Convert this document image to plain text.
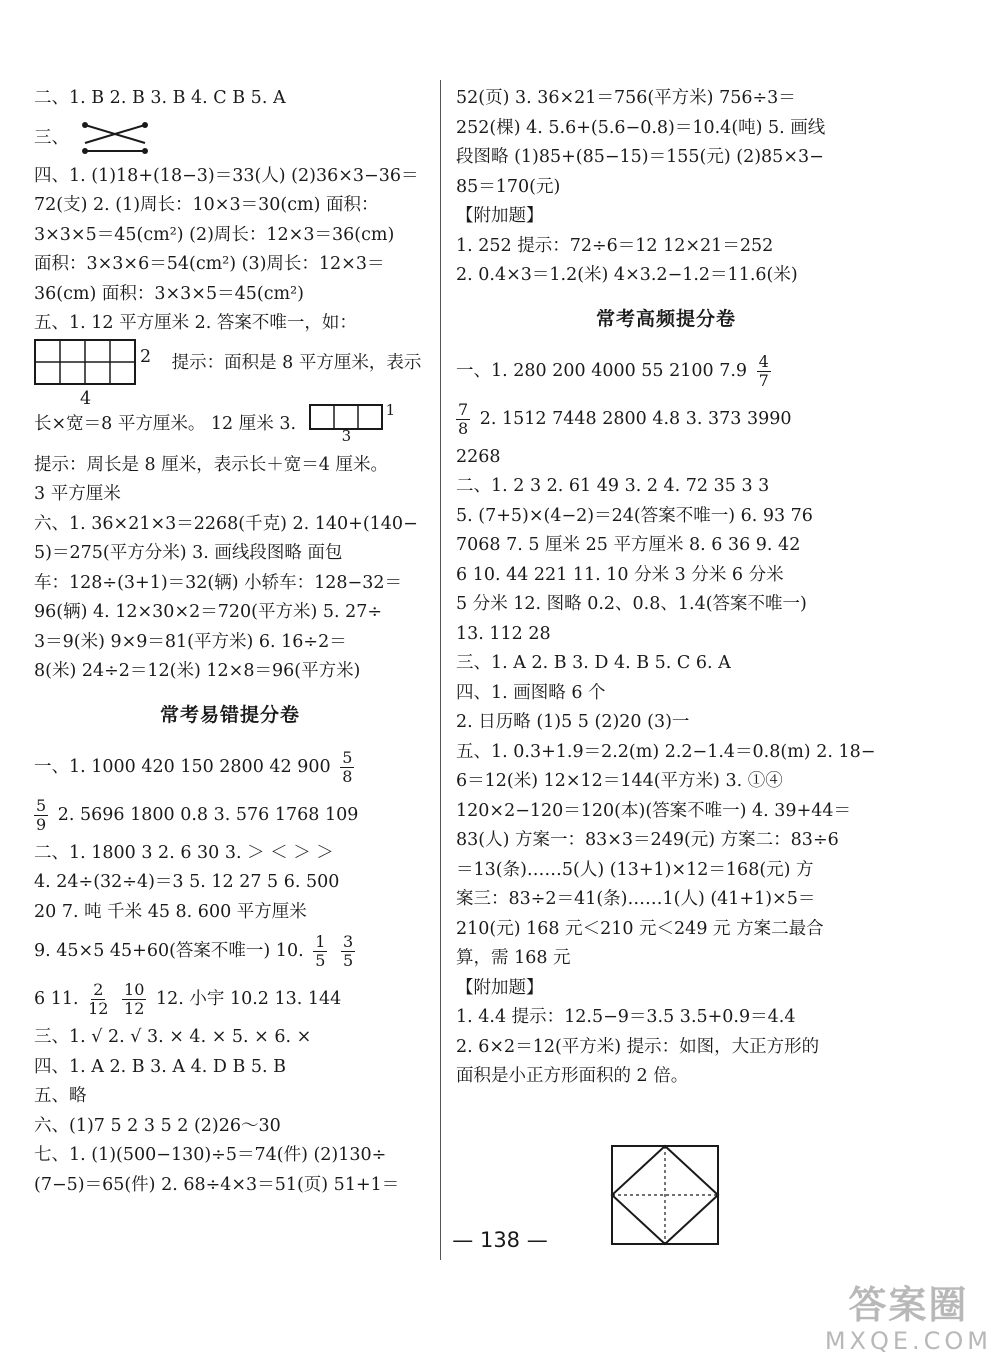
二、1. B 2. B 3. B 4. C B 5. A
三、
四、1. (1)18+(18−3)＝33(人) (2)36×3−36＝
72(支) 2. (1)周长：10×3＝30(cm) 面积：
3×3×5＝45(cm²) (2)周长：12×3＝36(cm)
面积：3×3×6＝54(cm²) (3)周长：12×3＝
36(cm) 面积：3×3×5＝45(cm²)
五、1. 12 平方厘米 2. 答案不唯一，如：
2
4
提示：面积是 8 平方厘米，表示
长×宽＝8 平方厘米。 12 厘米 3.
1
3
提示：周长是 8 厘米，表示长＋宽＝4 厘米。
3 平方厘米
六、1. 36×21×3＝2268(千克) 2. 140+(140−
5)＝275(平方分米) 3. 画线段图略 面包
车：128÷(3+1)＝32(辆) 小轿车：128−32＝
96(辆) 4. 12×30×2＝720(平方米) 5. 27÷
3＝9(米) 9×9＝81(平方米) 6. 16÷2＝
8(米) 24÷2＝12(米) 12×8＝96(平方米)
常考易错提分卷
一、1. 1000 420 150 2800 42 $900 \frac{5}{8}$
$\frac{5}{9} 2$. 5696 1800 0.8 3. 576 1768 109
二、1. 1800 3 2. 6 30 3. ＞ ＜ ＞ ＞
4. 24÷(32÷4)＝3 5. 12 27 5 6. 500
20 7. 吨 千米 45 8. 600 平方厘米
9. 45×5 45+60(答案不唯一) 10. $\frac{1}{5}$
$\frac{3}{5}$
6 11. $\frac{2}{12}$
$\frac{10}{12} 12$. 小宇 10.2 13. 144
三、1. √ 2. √ 3. × 4. × 5. × 6. ×
四、1. A 2. B 3. A 4. D B 5. B
五、略
六、(1)7 5 2 3 5 2 (2)26～30
七、1. (1)(500−130)÷5＝74(件) (2)130÷
(7−5)＝65(件) 2. 68÷4×3＝51(页) 51+1＝
52(页) 3. 36×21＝756(平方米) 756÷3＝
252(棵) 4. 5.6+(5.6−0.8)＝10.4(吨) 5. 画线
段图略 (1)85+(85−15)＝155(元) (2)85×3−
85＝170(元)
【附加题】
1. 252 提示：72÷6＝12 12×21＝252
2. 0.4×3＝1.2(米) 4×3.2−1.2＝11.6(米)
常考高频提分卷
一、1. 280 200 4000 55 2100 $7.9 \frac{4}{7}$
$\frac{7}{8} 2$. 1512 7448 2800 4.8 3. 373 3990
2268
二、1. 2 3 2. 61 49 3. 2 4. 72 35 3 3
5. (7+5)×(4−2)＝24(答案不唯一) 6. 93 76
7068 7. 5 厘米 25 平方厘米 8. 6 36 9. 42
6 10. 44 221 11. 10 分米 3 分米 6 分米
5 分米 12. 图略 0.2、0.8、1.4(答案不唯一)
13. 112 28
三、1. A 2. B 3. D 4. B 5. C 6. A
四、1. 画图略 6 个
2. 日历略 (1)5 5 (2)20 (3)一
五、1. 0.3+1.9＝2.2(m) 2.2−1.4＝0.8(m) 2. 18−
6＝12(米) 12×12＝144(平方米) 3. ①④
120×2−120＝120(本)(答案不唯一) 4. 39+44＝
83(人) 方案一：83×3＝249(元) 方案二：83÷6
＝13(条)……5(人) (13+1)×12＝168(元) 方
案三：83÷2＝41(条)……1(人) (41+1)×5＝
210(元) 168 元＜210 元＜249 元 方案二最合
算，需 168 元
【附加题】
1. 4.4 提示：12.5−9＝3.5 3.5+0.9＝4.4
2. 6×2＝12(平方米) 提示：如图，大正方形的
面积是小正方形面积的 2 倍。
— 138 —
答案圈
MXQE.COM
